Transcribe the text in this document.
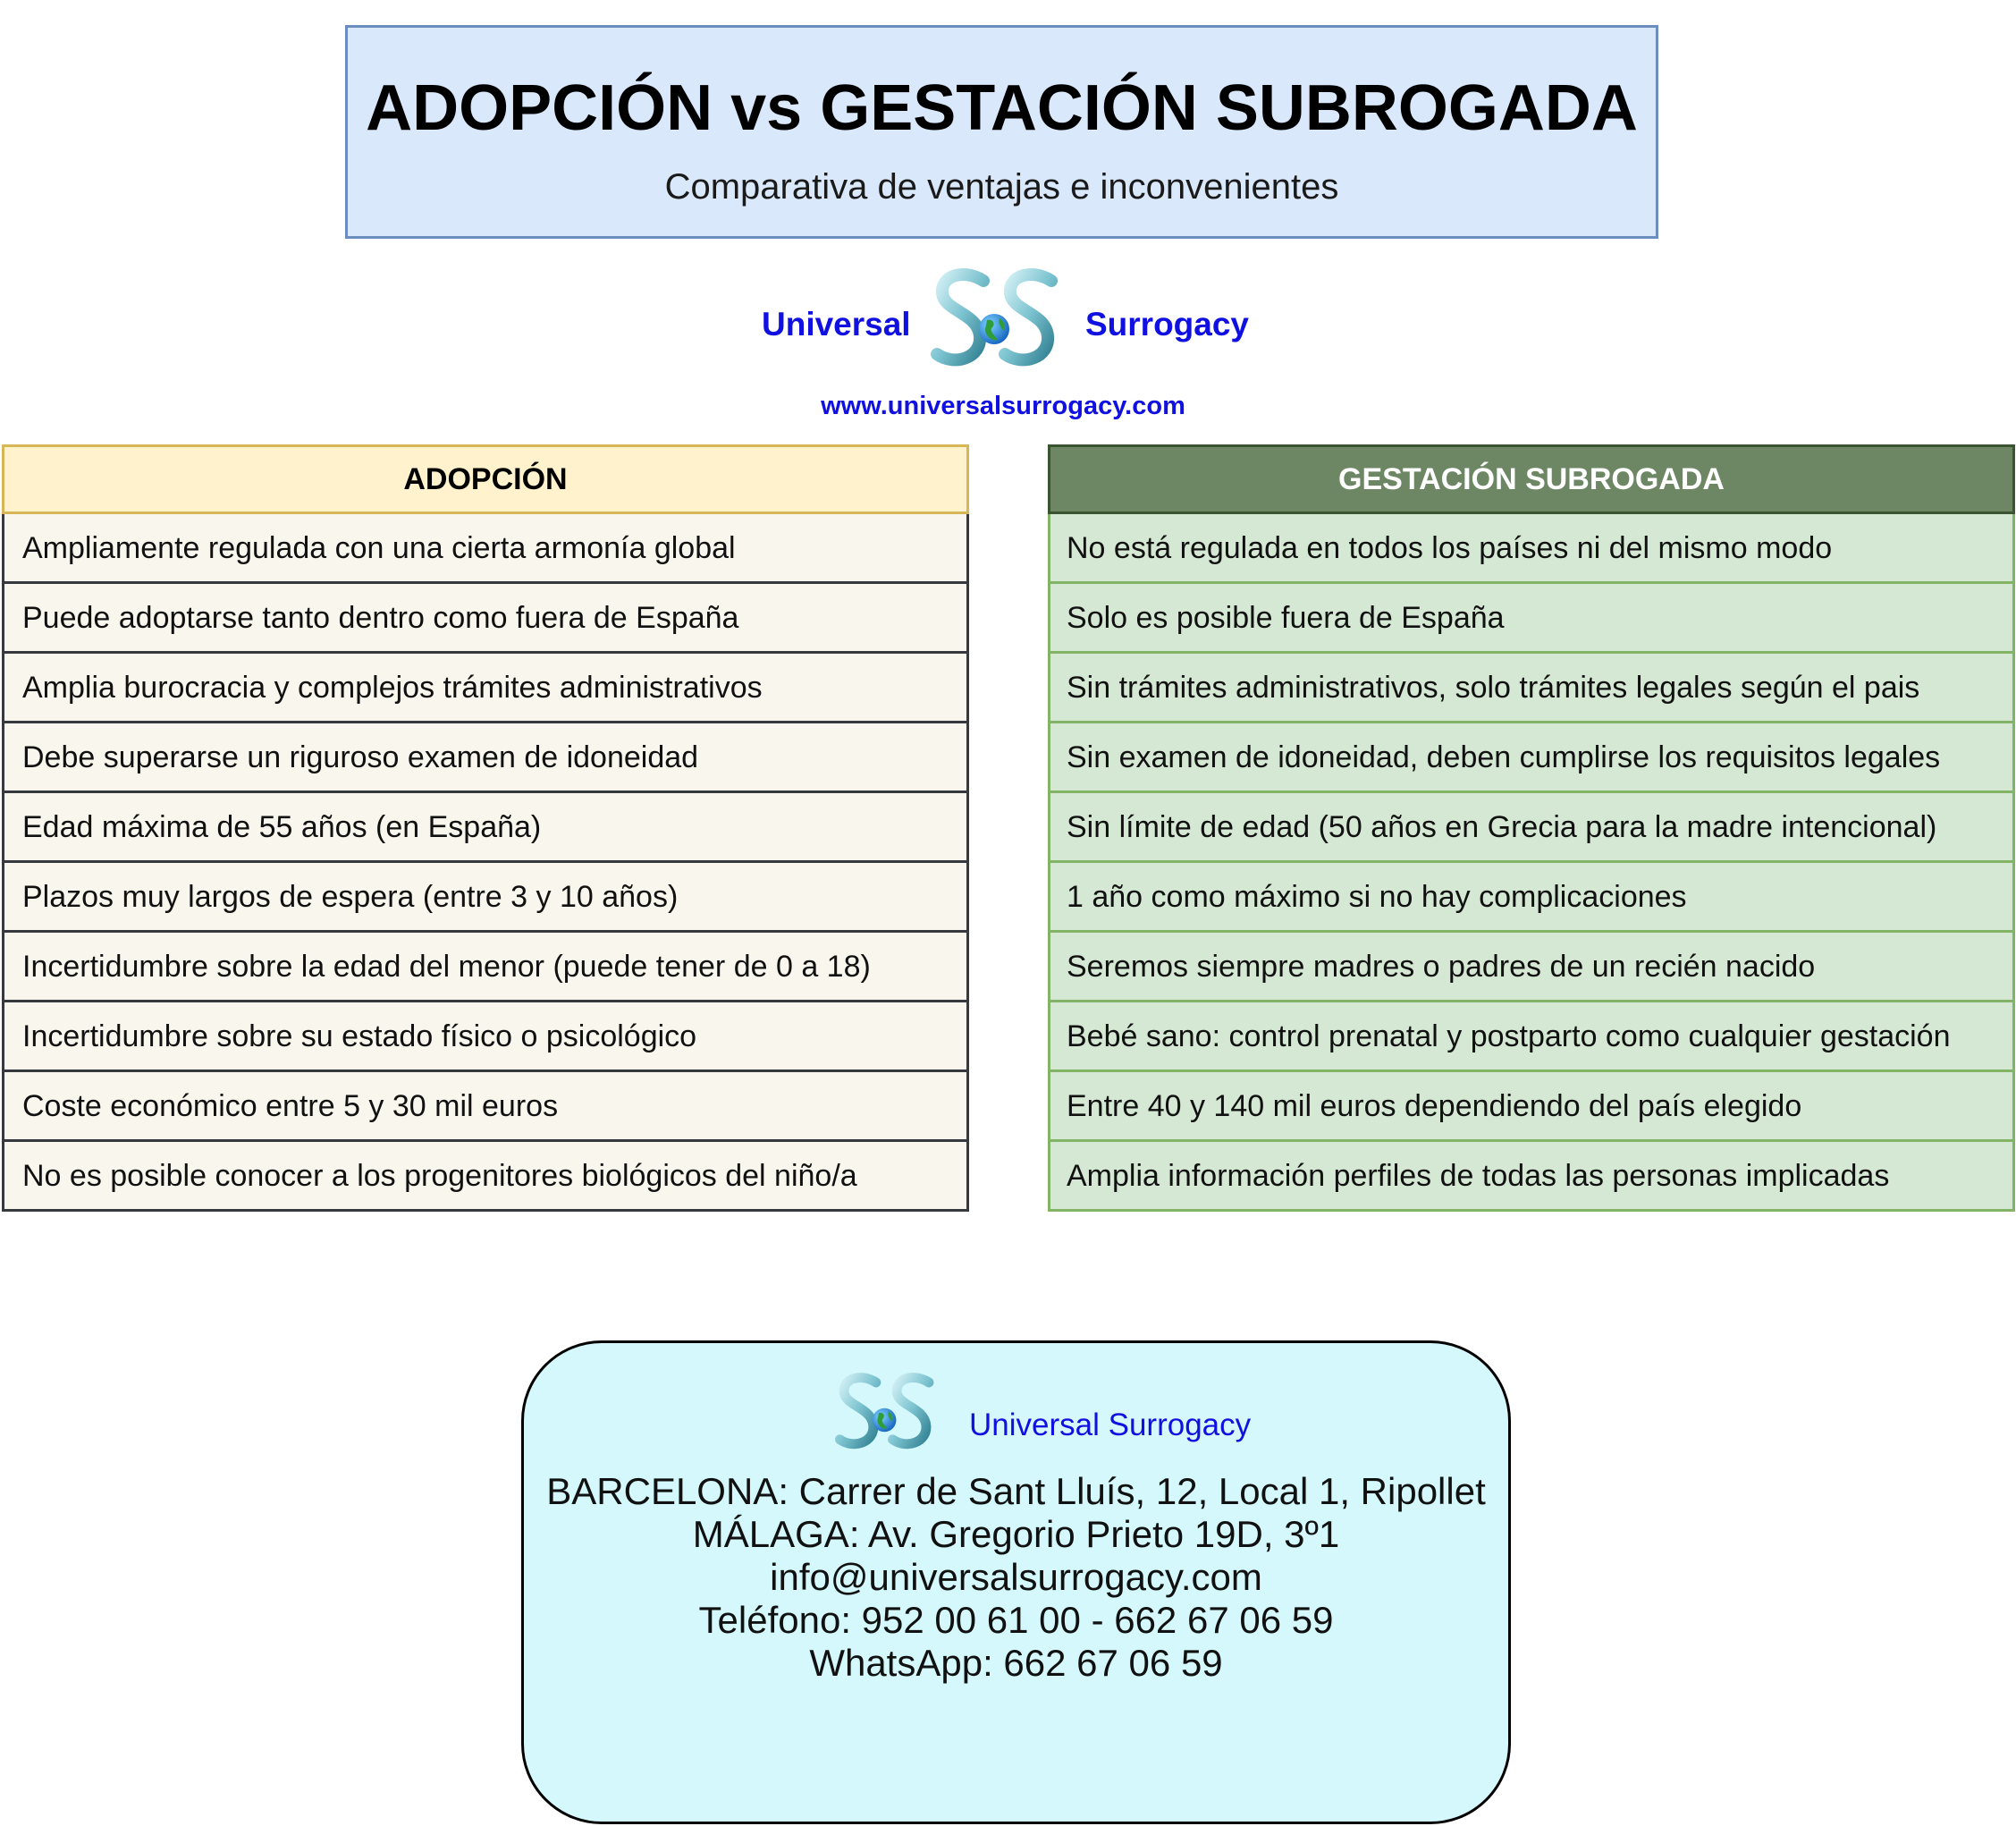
ADOPCIÓN vs GESTACIÓN SUBROGADA
Comparativa de ventajas e inconvenientes
Universal	Surrogacy
www.universalsurrogacy.com
ADOPCIÓN
Ampliamente regulada con una cierta armonía global
Puede adoptarse tanto dentro como fuera de España
Amplia burocracia y complejos trámites administrativos
Debe superarse un riguroso examen de idoneidad
Edad máxima de 55 años (en España)
Plazos muy largos de espera (entre 3 y 10 años)
Incertidumbre sobre la edad del menor (puede tener de 0 a 18)
Incertidumbre sobre su estado físico o psicológico
Coste económico entre 5 y 30 mil euros
No es posible conocer a los progenitores biológicos del niño/a
GESTACIÓN SUBROGADA
No está regulada en todos los países ni del mismo modo
Solo es posible fuera de España
Sin trámites administrativos, solo trámites legales según el pais
Sin examen de idoneidad, deben cumplirse los requisitos legales
Sin límite de edad (50 años en Grecia para la madre intencional)
1 año como máximo si no hay complicaciones
Seremos siempre madres o padres de un recién nacido
Bebé sano: control prenatal y postparto como cualquier gestación
Entre 40 y 140 mil euros dependiendo del país elegido
Amplia información perfiles de todas las personas implicadas
Universal Surrogacy
BARCELONA: Carrer de Sant Lluís, 12, Local 1, Ripollet
MÁLAGA: Av. Gregorio Prieto 19D, 3º1
info@universalsurrogacy.com
Teléfono: 952 00 61 00 - 662 67 06 59
WhatsApp: 662 67 06 59
